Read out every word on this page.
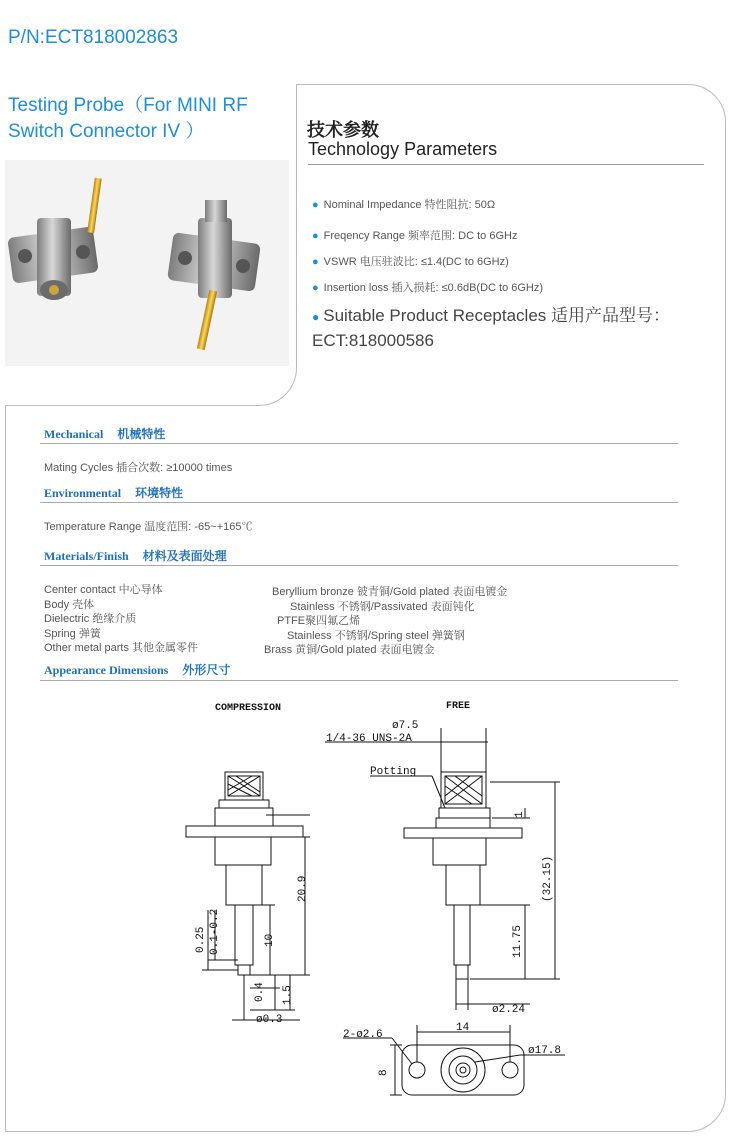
P/N:ECT818002863
Testing Probe（For MINI RF
Switch Connector IV ）	技术参数
Technology Parameters
● Nominal Impedance 特性阻抗: 50Ω
● Freqency Range 频率范围: DC to 6GHz
● VSWR 电压驻波比: ≤1.4(DC to 6GHz)
● Insertion loss 插入损耗: ≤0.6dB(DC to 6GHz)
● Suitable Product Receptacles 适用产品型号：
ECT:818000586
Mechanical 机械特性
Mating Cycles 插合次数: ≥10000 times
Environmental 环境特性
Temperature Range 温度范围: -65~+165℃
Materials/Finish 材料及表面处理
Center contact 中心导体
Body 壳体
Dielectric 绝缘介质
Spring 弹簧
Other metal parts 其他金属零件
Beryllium bronze 铍青铜/Gold plated 表面电镀金
Stainless 不锈钢/Passivated 表面钝化
PTFE聚四氟乙烯
Stainless 不锈钢/Spring steel 弹簧钢
Brass 黄铜/Gold plated 表面电镀金
Appearance Dimensions 外形尺寸
COMPRESSION	FREE
20.9
10
0.25 0.1-0.2
0.4 1.5
ø0.3
ø7.5
1/4-36 UNS-2A
Potting
1
(32.15)
11.75
ø2.24
2-ø2.6
14
8
ø17.8
